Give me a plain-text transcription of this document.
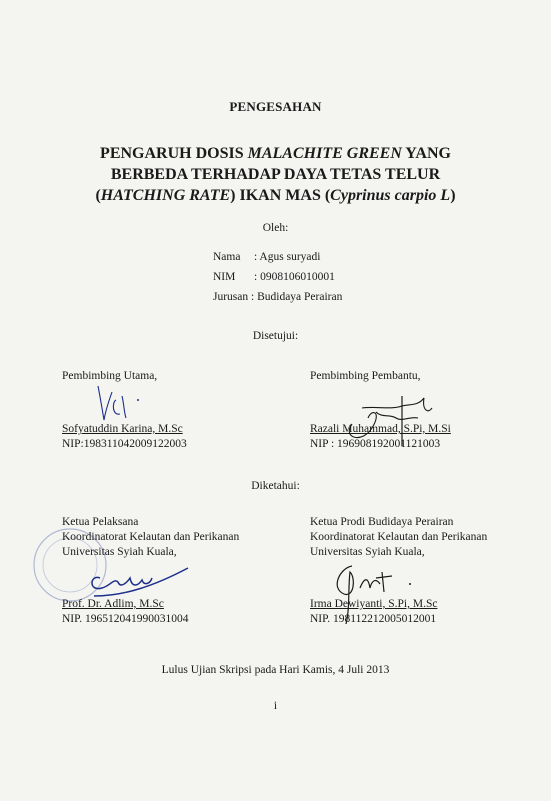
PENGESAHAN
PENGARUH DOSIS MALACHITE GREEN YANG
BERBEDA TERHADAP DAYA TETAS TELUR
(HATCHING RATE) IKAN MAS (Cyprinus carpio L)
Oleh:
Nama : Agus suryadi
NIM : 0908106010001
Jurusan : Budidaya Perairan
Disetujui:
Pembimbing Utama,
Sofyatuddin Karina, M.Sc
NIP:198311042009122003
Pembimbing Pembantu,
Razali Muhammad, S.Pi, M.Si
NIP : 196908192001121003
Diketahui:
Ketua Pelaksana
Koordinatorat Kelautan dan Perikanan
Universitas Syiah Kuala,
Prof. Dr. Adlim, M.Sc
NIP. 196512041990031004
Ketua Prodi Budidaya Perairan
Koordinatorat Kelautan dan Perikanan
Universitas Syiah Kuala,
Irma Dewiyanti, S.Pi, M.Sc
NIP. 198112212005012001
Lulus Ujian Skripsi pada Hari Kamis, 4 Juli 2013
i
